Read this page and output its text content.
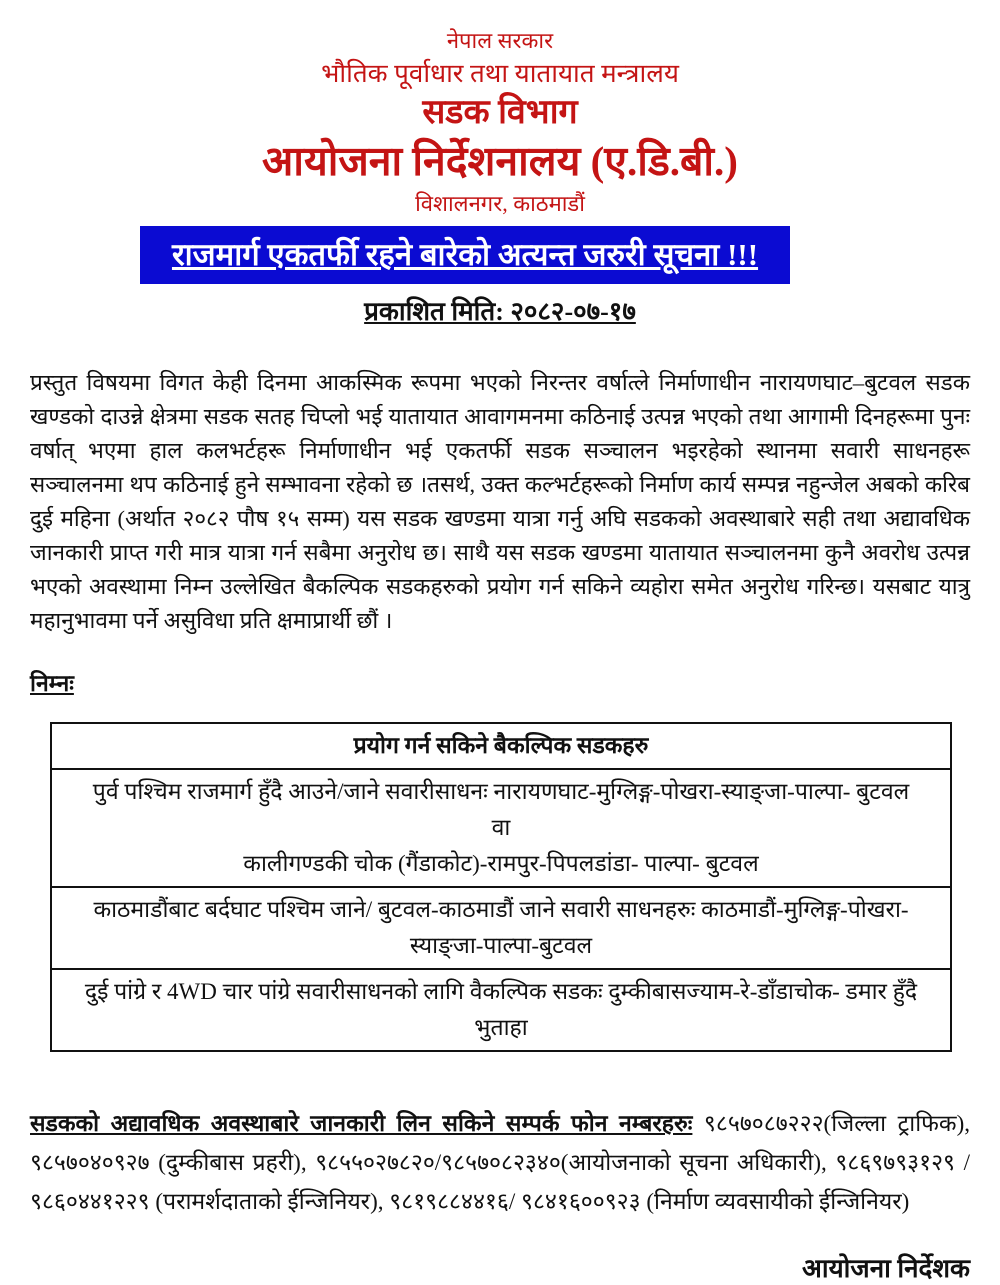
नेपाल सरकार
भौतिक पूर्वाधार तथा यातायात मन्त्रालय
सडक विभाग
आयोजना निर्देशनालय (ए.डि.बी.)
विशालनगर, काठमाडौं
राजमार्ग एकतर्फी रहने बारेको अत्यन्त जरुरी सूचना !!!
प्रकाशित मिति: २०८२-०७-१७
प्रस्तुत विषयमा विगत केही दिनमा आकस्मिक रूपमा भएको निरन्तर वर्षात्ले निर्माणाधीन नारायणघाट–बुटवल सडक खण्डको दाउन्ने क्षेत्रमा सडक सतह चिप्लो भई यातायात आवागमनमा कठिनाई उत्पन्न भएको तथा आगामी दिनहरूमा पुनः वर्षात् भएमा हाल कलभर्टहरू निर्माणाधीन भई एकतर्फी सडक सञ्चालन भइरहेको स्थानमा सवारी साधनहरू सञ्चालनमा थप कठिनाई हुने सम्भावना रहेको छ ।तसर्थ, उक्त कल्भर्टहरूको निर्माण कार्य सम्पन्न नहुन्जेल अबको करिब दुई महिना (अर्थात २०८२ पौष १५ सम्म) यस सडक खण्डमा यात्रा गर्नु अघि सडकको अवस्थाबारे सही तथा अद्यावधिक जानकारी प्राप्त गरी मात्र यात्रा गर्न सबैमा अनुरोध छ। साथै यस सडक खण्डमा यातायात सञ्चालनमा कुनै अवरोध उत्पन्न भएको अवस्थामा निम्न उल्लेखित बैकल्पिक सडकहरुको प्रयोग गर्न सकिने व्यहोरा समेत अनुरोध गरिन्छ। यसबाट यात्रु महानुभावमा पर्ने असुविधा प्रति क्षमाप्रार्थी छौं ।
निम्नः
प्रयोग गर्न सकिने बैकल्पिक सडकहरु

पुर्व पश्चिम राजमार्ग हुँदै आउने/जाने सवारीसाधनः नारायणघाट-मुग्लिङ्ग-पोखरा-स्याङ्जा-पाल्पा- बुटवल
वा
कालीगण्डकी चोक (गैंडाकोट)-रामपुर-पिपलडांडा- पाल्पा- बुटवल

काठमाडौंबाट बर्दघाट पश्चिम जाने/ बुटवल-काठमाडौं जाने सवारी साधनहरुः काठमाडौं-मुग्लिङ्ग-पोखरा-
स्याङ्जा-पाल्पा-बुटवल

दुई पांग्रे र 4WD चार पांग्रे सवारीसाधनको लागि वैकल्पिक सडकः दुम्कीबासज्याम-रे-डाँडाचोक- डमार हुँदै
भुताहा
सडकको अद्यावधिक अवस्थाबारे जानकारी लिन सकिने सम्पर्क फोन नम्बरहरुः ९८५७०८७२२२(जिल्ला ट्राफिक), ९८५७०४०९२७ (दुम्कीबास प्रहरी), ९८५५०२७८२०/९८५७०८२३४०(आयोजनाको सूचना अधिकारी), ९८६९७९३१२९ / ९८६०४४१२२९ (परामर्शदाताको ईन्जिनियर), ९८१९८८४४१६/ ९८४१६००९२३ (निर्माण व्यवसायीको ईन्जिनियर)
आयोजना निर्देशक
